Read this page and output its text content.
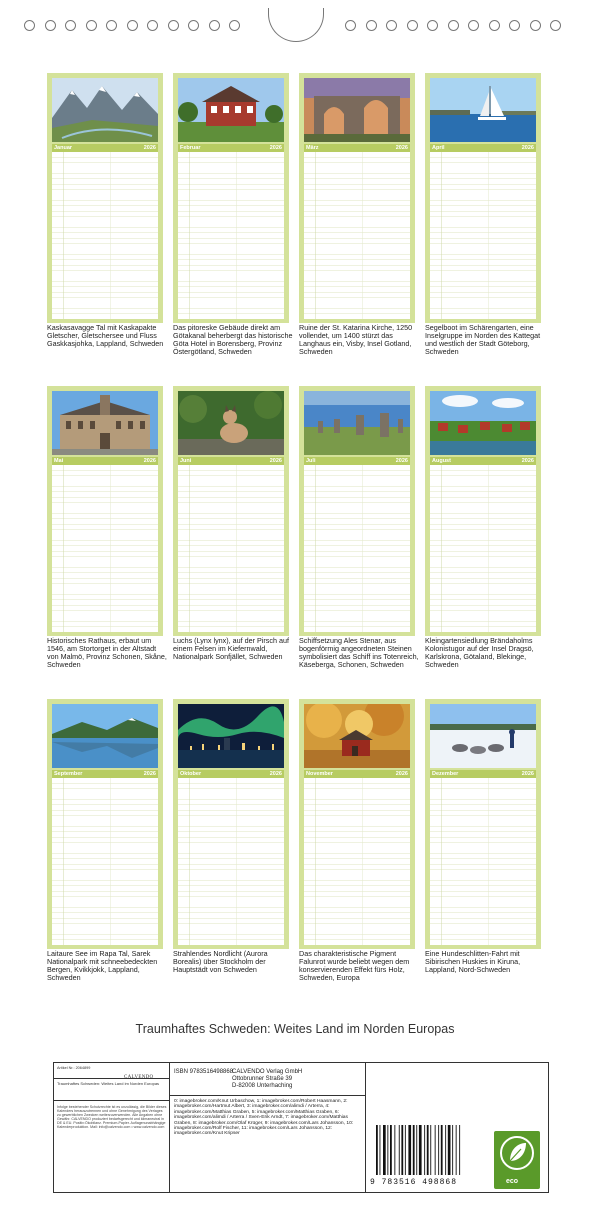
Januar	2026
Kaskasavagge Tal mit Kaskapakte Gletscher, Gletschersee und Fluss Gaskkasjohka, Lappland, Schweden
Februar	2026
Das pitoreske Gebäude direkt am Götakanal beherbergt das historische Göta Hotel in Borensberg, Provinz Östergötland, Schweden
März	2026
Ruine der St. Katarina Kirche, 1250 vollendet, um 1400 stürzt das Langhaus ein, Visby, Insel Gotland, Schweden
April	2026
Segelboot im Schärengarten, eine Inselgruppe im Norden des Kattegat und westlich der Stadt Göteborg, Schweden
Mai	2026
Historisches Rathaus, erbaut um 1546, am Stortorget in der Altstadt von Malmö, Provinz Schonen, Skåne, Schweden
Juni	2026
Luchs (Lynx lynx), auf der Pirsch auf einem Felsen im Kiefernwald, Nationalpark Sonfjället, Schweden
Juli	2026
Schiffsetzung Ales Stenar, aus bogenförmig angeordneten Steinen symbolisiert das Schiff ins Totenreich, Käseberga, Schonen, Schweden
August	2026
Kleingartensiedlung Brändaholms Kolonistugor auf der Insel Dragsö, Karlskrona, Götaland, Blekinge, Schweden
September	2026
Laitaure See im Rapa Tal, Sarek Nationalpark mit schneebedeckten Bergen, Kvikkjokk, Lappland, Schweden
Oktober	2026
Strahlendes Nordlicht (Aurora Borealis) über Stockholm der Hauptstädt von Schweden
November	2026
Das charakteristische Pigment Falunrot wurde beliebt wegen dem konservierenden Effekt fürs Holz, Schweden, Europa
Dezember	2026
Eine Hundeschlitten-Fahrt mit Sibirischen Huskies in Kiruna, Lappland, Nord-Schweden
Traumhaftes Schweden: Weites Land im Norden Europas
Artikel Nr.: 2064899
Traumhaftes Schweden: Weites Land im Norden Europas
Infolge bestehender Schutzrechte ist es unzulässig, die Bilder dieses Kalenders herauszutrennen und ohne Genehmigung des Verlages zu gewerblichen Zwecken weiterzuverwenden. Alle Angaben ohne Gewähr. CALVENDO produziert bedarfsgerecht und klimaneutral in DE & EU. Positiv:Ökobilanz. Premium-Papier. Auflagenunabhängige Kalenderproduktion. Mail: info@calvendo.com • www.calvendo.com
ISBN 9783516498868
CALVENDO Verlag GmbH
Ottobrunner Straße 39
D-82008 Unterhaching
0: imagebroker.com/Knut Urbaschow, 1: imagebroker.com/Robert Haasmann, 2: imagebroker.com/Hartmut Albert, 3: imagebroker.com/alimdi / Arterra, 4: imagebroker.com/Matthias Graben, 5: imagebroker.com/Matthias Graben, 6: imagebroker.com/alimdi / Arterra / Sven-Erik Arndt, 7: imagebroker.com/Matthias Graben, 8: imagebroker.com/Olaf Krüger, 9: imagebroker.com/Lars Johansson, 10: imagebroker.com/Rolf Fischer, 11: imagebroker.com/Lars Johansson, 12: imagebroker.com/Knut Kripser
9 783516 498868	eco
